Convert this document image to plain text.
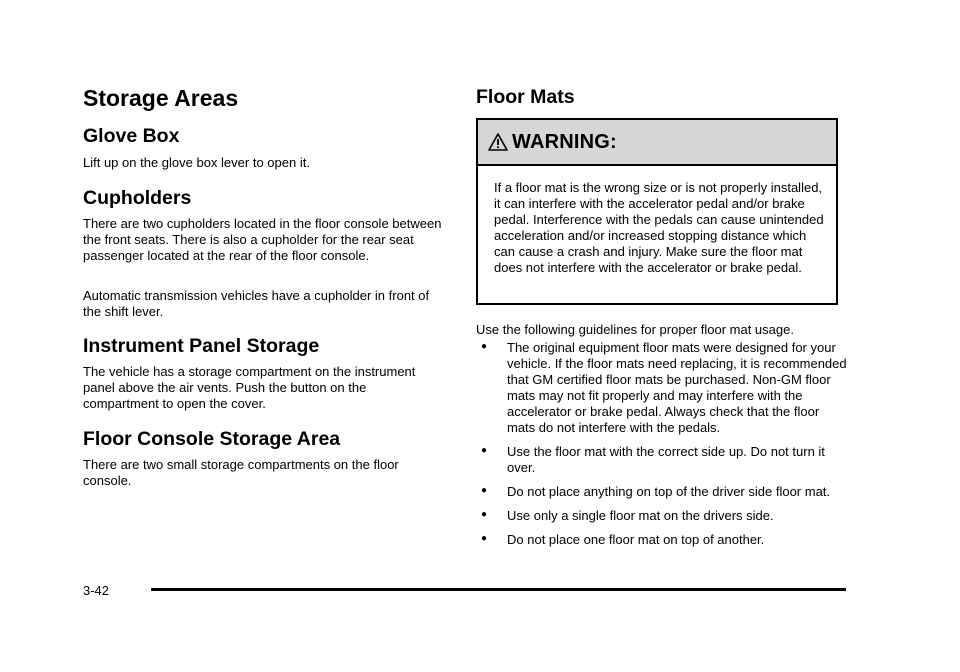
Storage Areas
Glove Box

Lift up on the glove box lever to open it.

Cupholders

There are two cupholders located in the floor console between the front seats. There is also a cupholder for the rear seat passenger located at the rear of the floor console.

Automatic transmission vehicles have a cupholder in front of the shift lever.

Instrument Panel Storage

The vehicle has a storage compartment on the instrument panel above the air vents. Push the button on the compartment to open the cover.

Floor Console Storage Area

There are two small storage compartments on the floor console.

Floor Mats
WARNING:
If a floor mat is the wrong size or is not properly installed, it can interfere with the accelerator pedal and/or brake pedal. Interference with the pedals can cause unintended acceleration and/or increased stopping distance which can cause a crash and injury. Make sure the floor mat does not interfere with the accelerator or brake pedal.

Use the following guidelines for proper floor mat usage.

● The original equipment floor mats were designed for your vehicle. If the floor mats need replacing, it is recommended that GM certified floor mats be purchased. Non-GM floor mats may not fit properly and may interfere with the accelerator or brake pedal. Always check that the floor mats do not interfere with the pedals.
● Use the floor mat with the correct side up. Do not turn it over.
● Do not place anything on top of the driver side floor mat.
● Use only a single floor mat on the drivers side.
● Do not place one floor mat on top of another.
3-42
